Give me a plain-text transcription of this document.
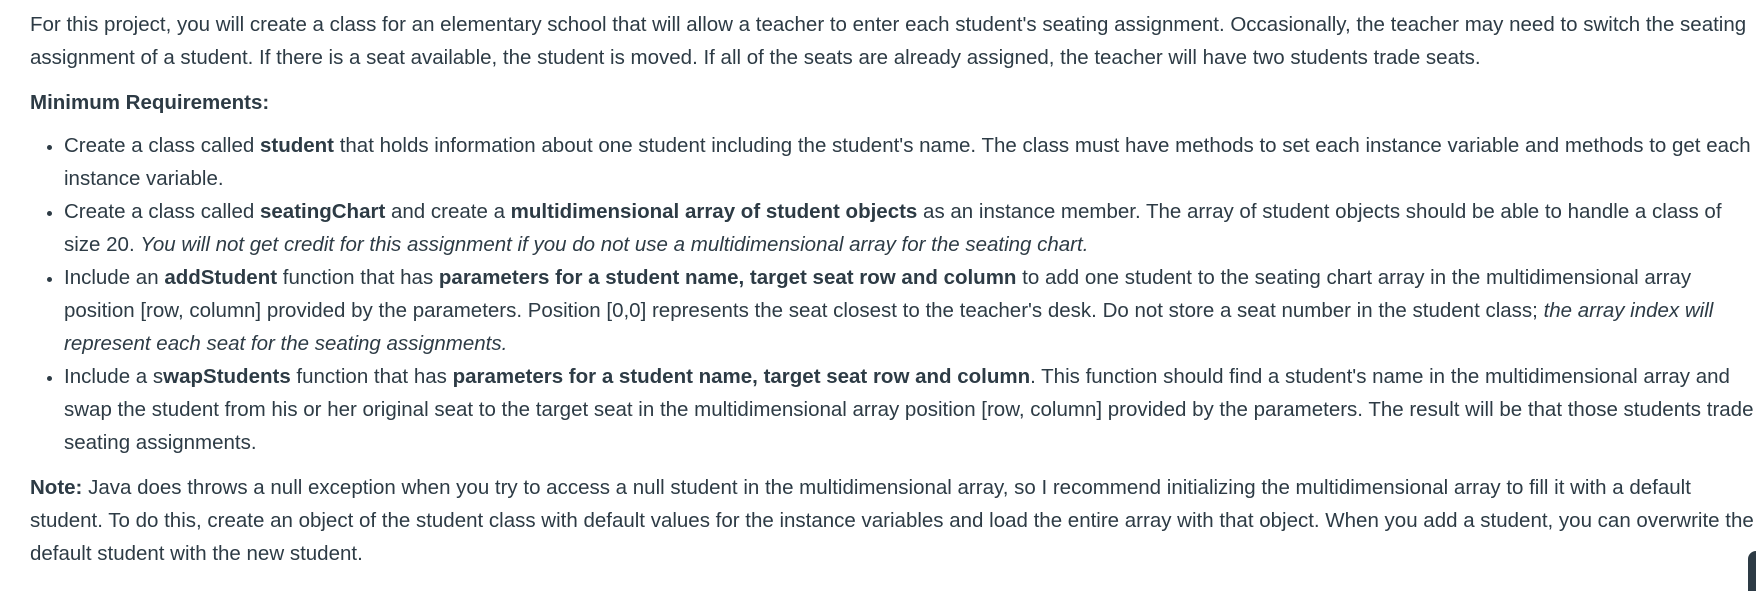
For this project, you will create a class for an elementary school that will allow a teacher to enter each student's seating assignment. Occasionally, the teacher may need to switch the seating assignment of a student. If there is a seat available, the student is moved. If all of the seats are already assigned, the teacher will have two students trade seats.

Minimum Requirements:

• Create a class called student that holds information about one student including the student's name. The class must have methods to set each instance variable and methods to get each instance variable.
• Create a class called seatingChart and create a multidimensional array of student objects as an instance member. The array of student objects should be able to handle a class of size 20. You will not get credit for this assignment if you do not use a multidimensional array for the seating chart.
• Include an addStudent function that has parameters for a student name, target seat row and column to add one student to the seating chart array in the multidimensional array position [row, column] provided by the parameters. Position [0,0] represents the seat closest to the teacher's desk. Do not store a seat number in the student class; the array index will represent each seat for the seating assignments.
• Include a swapStudents function that has parameters for a student name, target seat row and column. This function should find a student's name in the multidimensional array and swap the student from his or her original seat to the target seat in the multidimensional array position [row, column] provided by the parameters. The result will be that those students trade seating assignments.

Note: Java does throws a null exception when you try to access a null student in the multidimensional array, so I recommend initializing the multidimensional array to fill it with a default student. To do this, create an object of the student class with default values for the instance variables and load the entire array with that object. When you add a student, you can overwrite the default student with the new student.
